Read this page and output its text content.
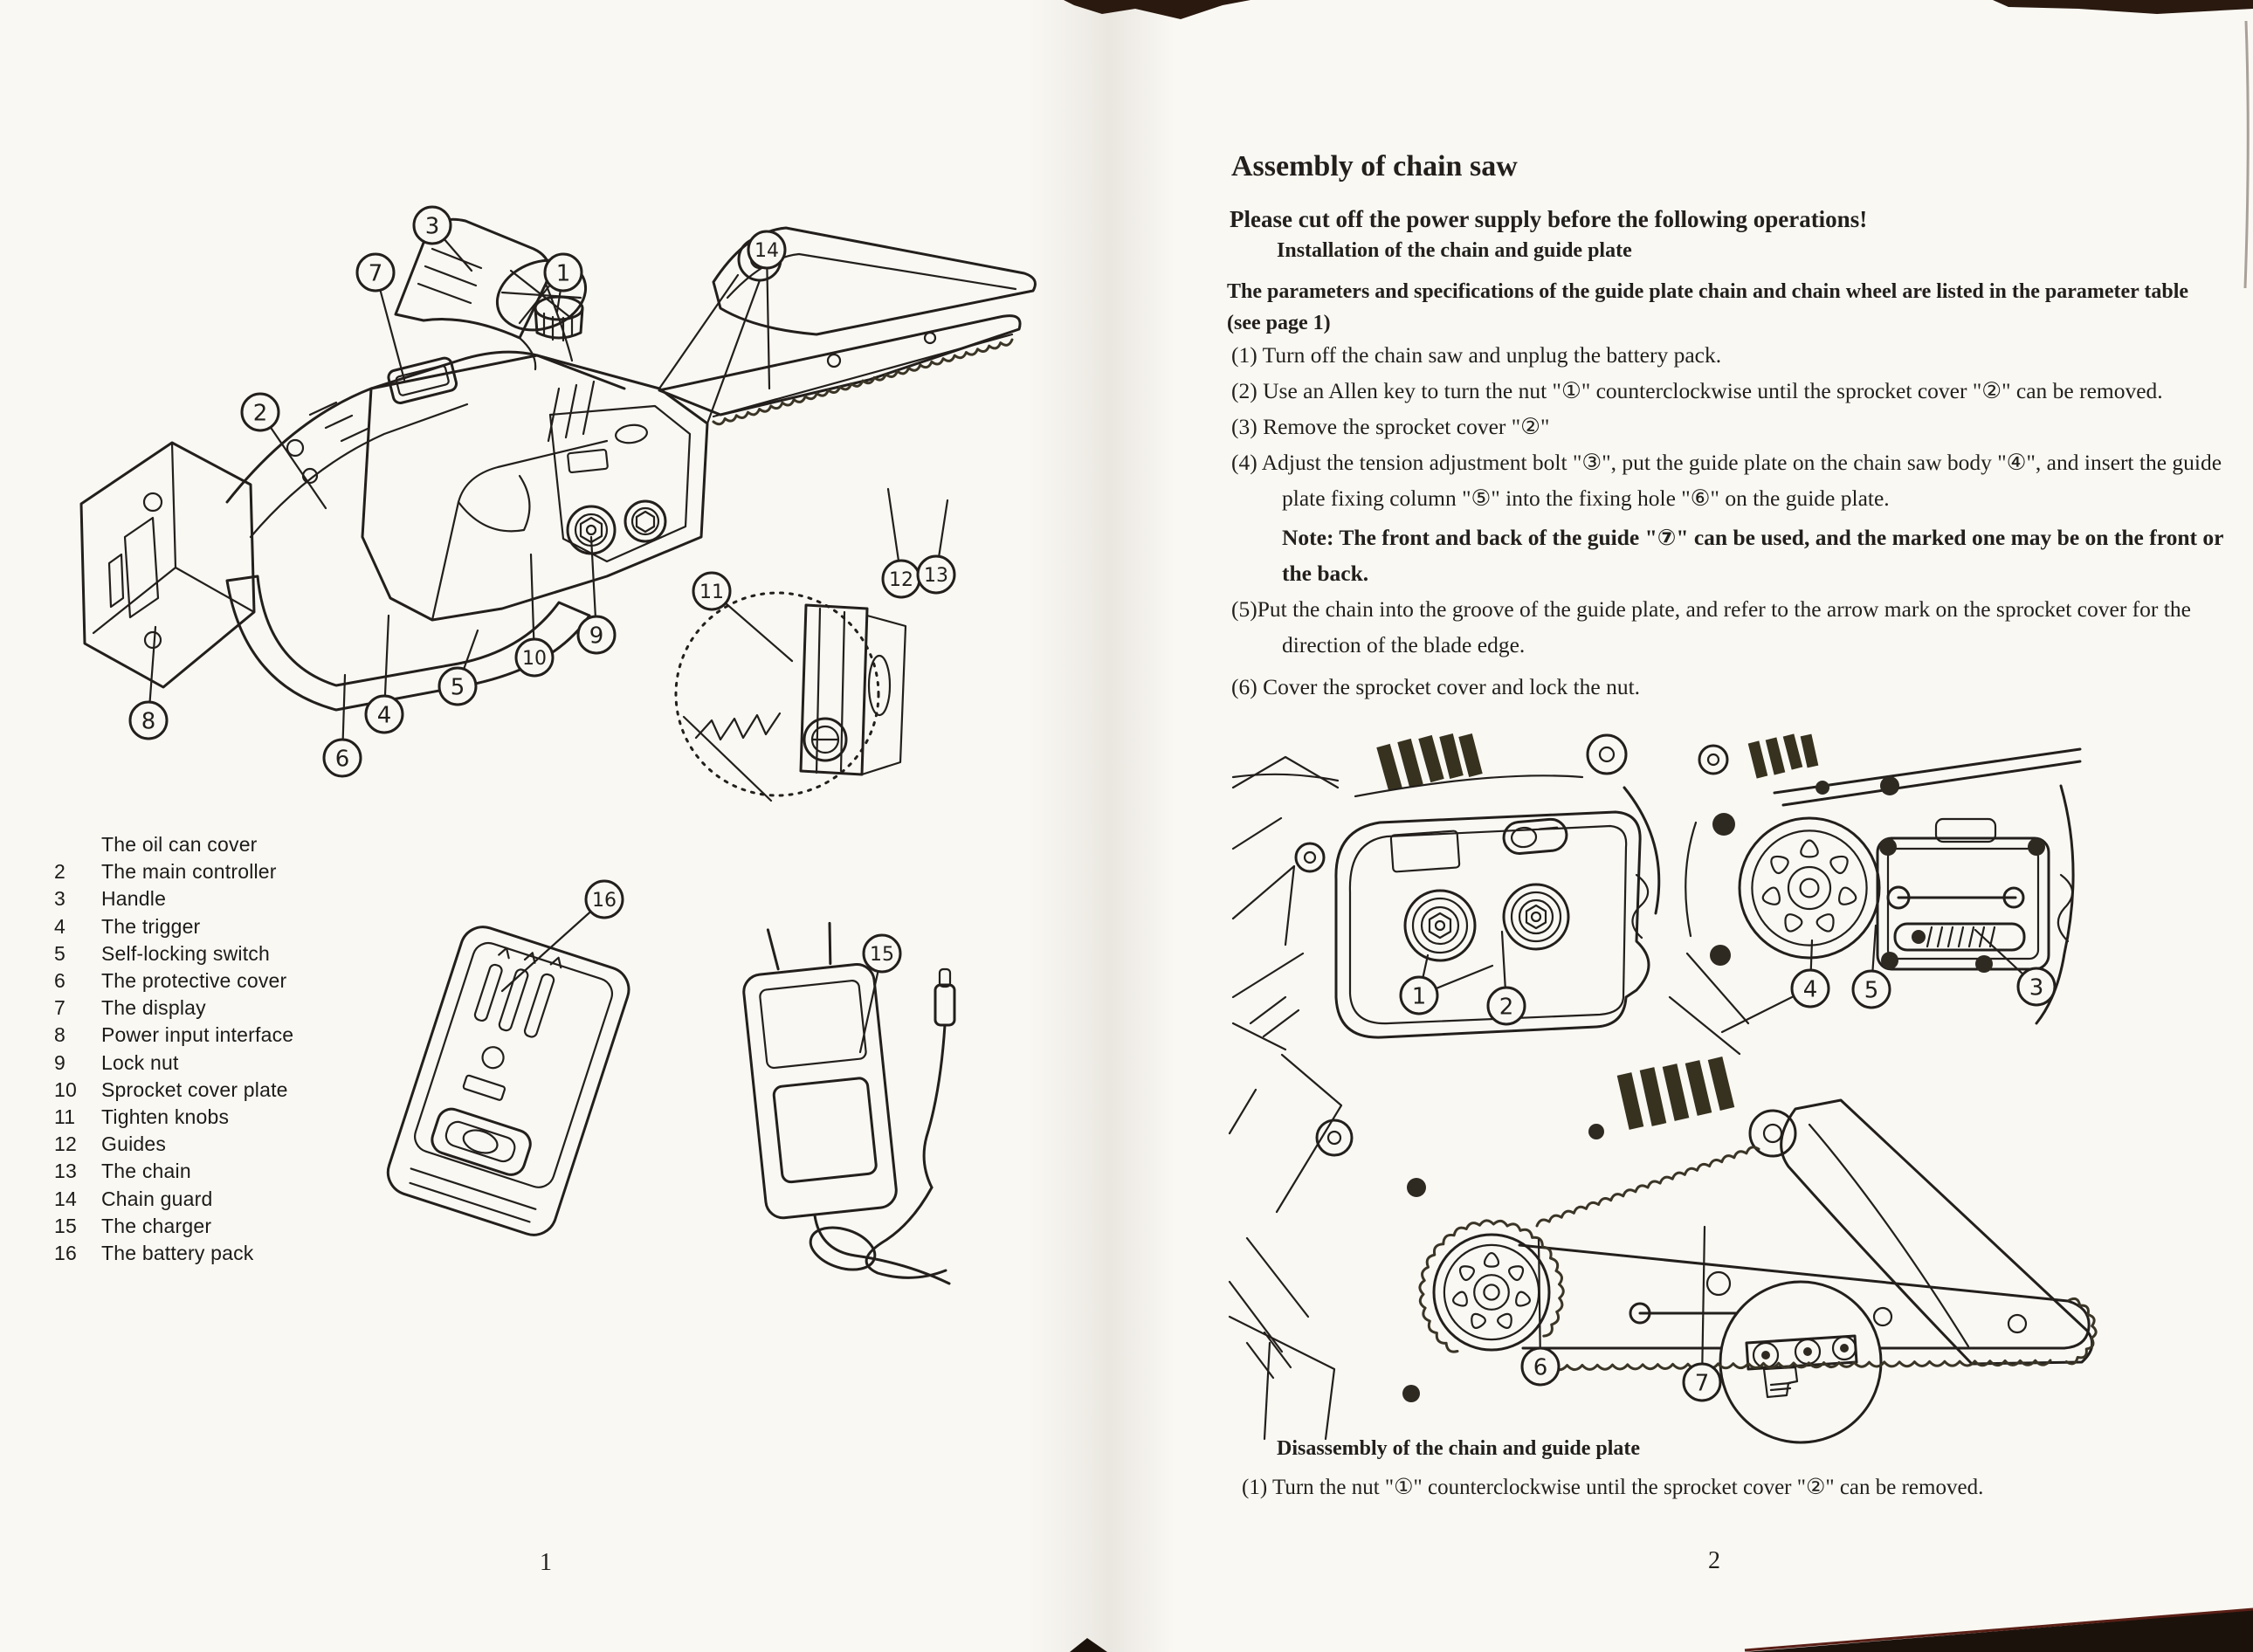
3
7	1
14
2
11
12 13
9
10
5
4
8
6
16
15
The oil can cover
2	The main controller
3	Handle
4	The trigger
5	Self-locking switch
6	The protective cover
7	The display
8	Power input interface
9	Lock nut
10	Sprocket cover plate
11	Tighten knobs
12	Guides
13	The chain
14	Chain guard
15	The charger
16	The battery pack
1
Assembly of chain saw

Please cut off the power supply before the following operations!

Installation of the chain and guide plate

The parameters and specifications of the guide plate chain and chain wheel are listed in the parameter table
(see page 1)

(1) Turn off the chain saw and unplug the battery pack.

(2) Use an Allen key to turn the nut "①" counterclockwise until the sprocket cover "②" can be removed.

(3) Remove the sprocket cover "②"

(4) Adjust the tension adjustment bolt "③", put the guide plate on the chain saw body "④", and insert the guide plate fixing column "⑤" into the fixing hole "⑥" on the guide plate.

Note: The front and back of the guide "⑦" can be used, and the marked one may be on the front or the back.

(5)Put the chain into the groove of the guide plate, and refer to the arrow mark on the sprocket cover for the direction of the blade edge.

(6) Cover the sprocket cover and lock the nut.

1	2
4 5	3
6
7

Disassembly of the chain and guide plate

(1) Turn the nut "①" counterclockwise until the sprocket cover "②" can be removed.

2
